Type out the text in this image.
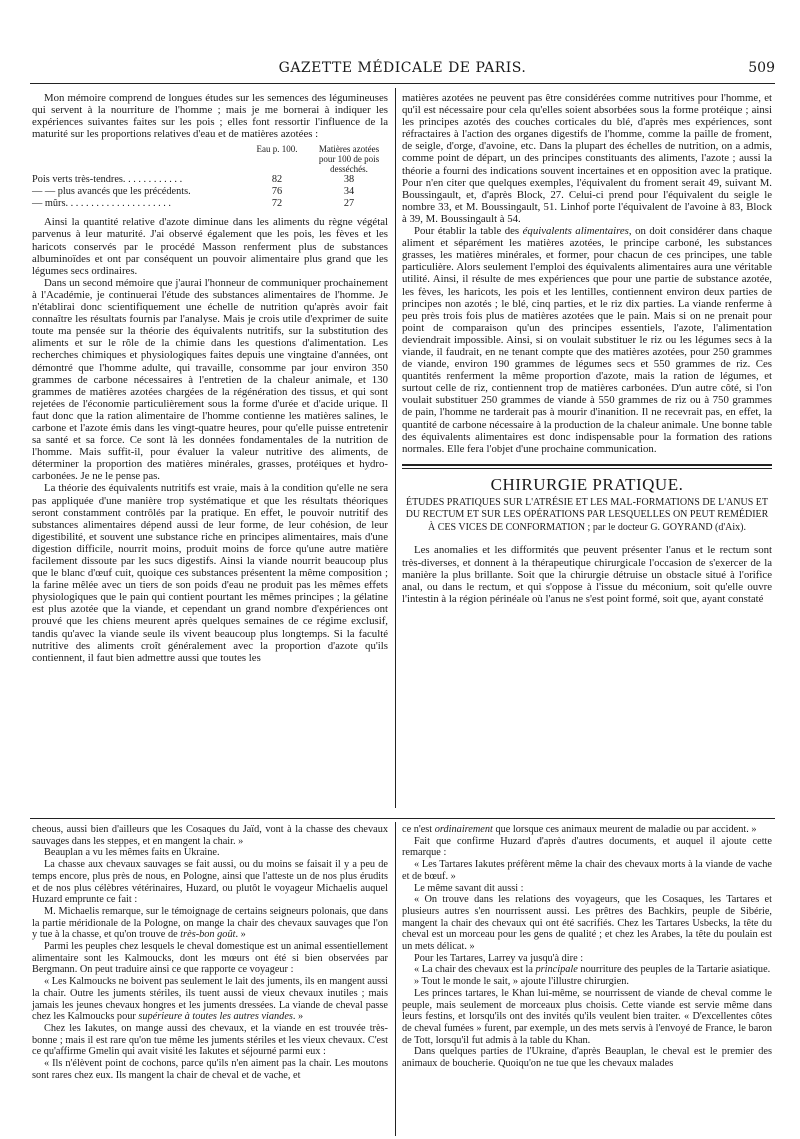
GAZETTE MÉDICALE DE PARIS.	509

Mon mémoire comprend de longues études sur les semences des légumineuses qui servent à la nourriture de l'homme ; mais je me bornerai à indiquer les expériences suivantes faites sur les pois ; elles font ressortir l'influence de la maturité sur les proportions relatives d'eau et de matières azotées :

Eau p. 100.	Matières azotées pour 100 de pois desséchés.
Pois verts très-tendres. . . . . . . . . . . .	82	38
— — plus avancés que les précédents.	76	34
— mûrs. . . . . . . . . . . . . . . . . . . . .	72	27

Ainsi la quantité relative d'azote diminue dans les aliments du règne végétal parvenus à leur maturité. J'ai observé également que les pois, les fèves et les haricots conservés par le procédé Masson renferment plus de substances albuminoïdes et ont par conséquent un pouvoir alimentaire plus grand que les légumes secs ordinaires.

Dans un second mémoire que j'aurai l'honneur de communiquer prochainement à l'Académie, je continuerai l'étude des substances alimentaires de l'homme. Je n'établirai donc scientifiquement une échelle de nutrition qu'après avoir fait connaître les résultats fournis par l'analyse. Mais je crois utile d'exprimer de suite toute ma pensée sur la théorie des équivalents nutritifs, sur la substitution des aliments et sur le rôle de la chimie dans les questions d'alimentation. Les recherches chimiques et physiologiques faites depuis une vingtaine d'années, ont démontré que l'homme adulte, qui travaille, consomme par jour environ 350 grammes de carbone nécessaires à l'entretien de la chaleur animale, et 130 grammes de matières azotées chargées de la régénération des tissus, et qui sont rejetées de l'économie particulièrement sous la forme d'urée et d'acide urique. Il faut donc que la ration alimentaire de l'homme contienne les matières salines, le carbone et l'azote émis dans les vingt-quatre heures, pour qu'elle puisse entretenir sa santé et sa force. Ce sont là les données fondamentales de la nutrition de l'homme. Mais suffit-il, pour évaluer la valeur nutritive des aliments, de déterminer la proportion des matières minérales, grasses, protéiques et hydro-carbonées. Je ne le pense pas.

La théorie des équivalents nutritifs est vraie, mais à la condition qu'elle ne sera pas appliquée d'une manière trop systématique et que les résultats théoriques seront constamment contrôlés par la pratique. En effet, le pouvoir nutritif des substances alimentaires dépend aussi de leur forme, de leur cohésion, de leur digestibilité, et souvent une substance riche en principes alimentaires, mais d'une digestion difficile, nourrit moins, produit moins de force qu'une autre matière facilement dissoute par les sucs digestifs. Ainsi la viande nourrit beaucoup plus que le blanc d'œuf cuit, quoique ces substances présentent la même composition ; la farine mêlée avec un tiers de son poids d'eau ne produit pas les mêmes effets physiologiques que le pain qui contient pourtant les mêmes principes ; la gélatine est plus azotée que la viande, et cependant un grand nombre d'expériences ont prouvé que les chiens meurent après quelques semaines de ce régime exclusif, tandis qu'avec la viande seule ils vivent beaucoup plus longtemps. Si la faculté nutritive des aliments croît généralement avec la proportion d'azote qu'ils contiennent, il faut bien admettre aussi que toutes les

matières azotées ne peuvent pas être considérées comme nutritives pour l'homme, et qu'il est nécessaire pour cela qu'elles soient absorbées sous la forme protéique ; ainsi les principes azotés des couches corticales du blé, d'après mes expériences, sont réfractaires à l'action des organes digestifs de l'homme, comme la paille de froment, de seigle, d'orge, d'avoine, etc. Dans la plupart des échelles de nutrition, on a admis, comme point de départ, un des principes constituants des aliments, l'azote ; aussi la théorie a fourni des indications souvent incertaines et en opposition avec la pratique. Pour n'en citer que quelques exemples, l'équivalent du froment serait 49, suivant M. Boussingault, et, d'après Block, 27. Celui-ci prend pour l'équivalent du seigle le nombre 33, et M. Boussingault, 51. Linhof porte l'équivalent de l'avoine à 83, Block à 39, M. Boussingault à 54.

Pour établir la table des équivalents alimentaires, on doit considérer dans chaque aliment et séparément les matières azotées, le principe carboné, les substances grasses, les matières minérales, et former, pour chacun de ces principes, une table particulière. Alors seulement l'emploi des équivalents alimentaires aura une véritable utilité. Ainsi, il résulte de mes expériences que pour une partie de substance azotée, les fèves, les haricots, les pois et les lentilles, contiennent environ deux parties de principes non azotés ; le blé, cinq parties, et le riz dix parties. La viande renferme à peu près trois fois plus de matières azotées que le pain. Mais si on ne prenait pour point de comparaison qu'un des principes essentiels, l'azote, l'alimentation deviendrait impossible. Ainsi, si on voulait substituer le riz ou les légumes secs à la viande, il faudrait, en ne tenant compte que des matières azotées, pour 250 grammes de viande, environ 190 grammes de légumes secs et 550 grammes de riz. Ces quantités renferment la même proportion d'azote, mais la ration de légumes, et surtout celle de riz, contiennent trop de matières carbonées. D'un autre côté, si l'on voulait substituer 250 grammes de viande à 550 grammes de riz ou à 750 grammes de pain, l'homme ne tarderait pas à mourir d'inanition. Il ne recevrait pas, en effet, la quantité de carbone nécessaire à la production de la chaleur animale. Une bonne table des équivalents alimentaires est donc indispensable pour la formation des rations normales. Elle fera l'objet d'une prochaine communication.

CHIRURGIE PRATIQUE.
ÉTUDES PRATIQUES SUR L'ATRÉSIE ET LES MAL-FORMATIONS DE L'ANUS ET DU RECTUM ET SUR LES OPÉRATIONS PAR LESQUELLES ON PEUT REMÉDIER À CES VICES DE CONFORMATION ; par le docteur G. GOYRAND (d'Aix).

Les anomalies et les difformités que peuvent présenter l'anus et le rectum sont très-diverses, et donnent à la thérapeutique chirurgicale l'occasion de s'exercer de la manière la plus brillante. Soit que la chirurgie détruise un obstacle situé à l'orifice anal, ou dans le rectum, et qui s'oppose à l'issue du méconium, soit qu'elle ouvre l'intestin à la région périnéale où l'anus ne s'est point formé, soit que, ayant constaté

cheous, aussi bien d'ailleurs que les Cosaques du Jaïd, vont à la chasse des chevaux sauvages dans les steppes, et en mangent la chair. »

Beauplan a vu les mêmes faits en Ukraine.

La chasse aux chevaux sauvages se fait aussi, ou du moins se faisait il y a peu de temps encore, plus près de nous, en Pologne, ainsi que l'atteste un de nos plus érudits et de nos plus célèbres vétérinaires, Huzard, ou plutôt le voyageur Michaelis auquel Huzard emprunte ce fait :

M. Michaelis remarque, sur le témoignage de certains seigneurs polonais, que dans la partie méridionale de la Pologne, on mange la chair des chevaux sauvages que l'on y tue à la chasse, et qu'on trouve de très-bon goût. »

Parmi les peuples chez lesquels le cheval domestique est un animal essentiellement alimentaire sont les Kalmoucks, dont les mœurs ont été si bien observées par Bergmann. On peut traduire ainsi ce que rapporte ce voyageur :

« Les Kalmoucks ne boivent pas seulement le lait des juments, ils en mangent aussi la chair. Outre les juments stériles, ils tuent aussi de vieux chevaux inutiles ; mais jamais les jeunes chevaux hongres et les juments dressées. La viande de cheval passe chez les Kalmoucks pour supérieure à toutes les autres viandes. »

Chez les Iakutes, on mange aussi des chevaux, et la viande en est trouvée très-bonne ; mais il est rare qu'on tue même les juments stériles et les vieux chevaux. C'est ce qu'affirme Gmelin qui avait visité les Iakutes et séjourné parmi eux :

« Ils n'élèvent point de cochons, parce qu'ils n'en aiment pas la chair. Les moutons sont rares chez eux. Ils mangent la chair de cheval et de vache, et

ce n'est ordinairement que lorsque ces animaux meurent de maladie ou par accident. »

Fait que confirme Huzard d'après d'autres documents, et auquel il ajoute cette remarque :

« Les Tartares Iakutes préfèrent même la chair des chevaux morts à la viande de vache et de bœuf. »

Le même savant dit aussi :

« On trouve dans les relations des voyageurs, que les Cosaques, les Tartares et plusieurs autres s'en nourrissent aussi. Les prêtres des Bachkirs, peuple de Sibérie, mangent la chair des chevaux qui ont été sacrifiés. Chez les Tartares Usbecks, la tête du cheval est un morceau pour les gens de qualité ; et chez les Arabes, la tête du poulain est un mets délicat. »

Pour les Tartares, Larrey va jusqu'à dire :

« La chair des chevaux est la principale nourriture des peuples de la Tartarie asiatique.

» Tout le monde le sait, » ajoute l'illustre chirurgien.

Les princes tartares, le Khan lui-même, se nourrissent de viande de cheval comme le peuple, mais seulement de morceaux plus choisis. Cette viande est servie même dans leurs festins, et lorsqu'ils ont des invités qu'ils veulent bien traiter. « D'excellentes côtes de cheval fumées » furent, par exemple, un des mets servis à l'envoyé de France, le baron de Tott, lorsqu'il fut admis à la table du Khan.

Dans quelques parties de l'Ukraine, d'après Beauplan, le cheval est le premier des animaux de boucherie. Quoiqu'on ne tue que les chevaux malades
